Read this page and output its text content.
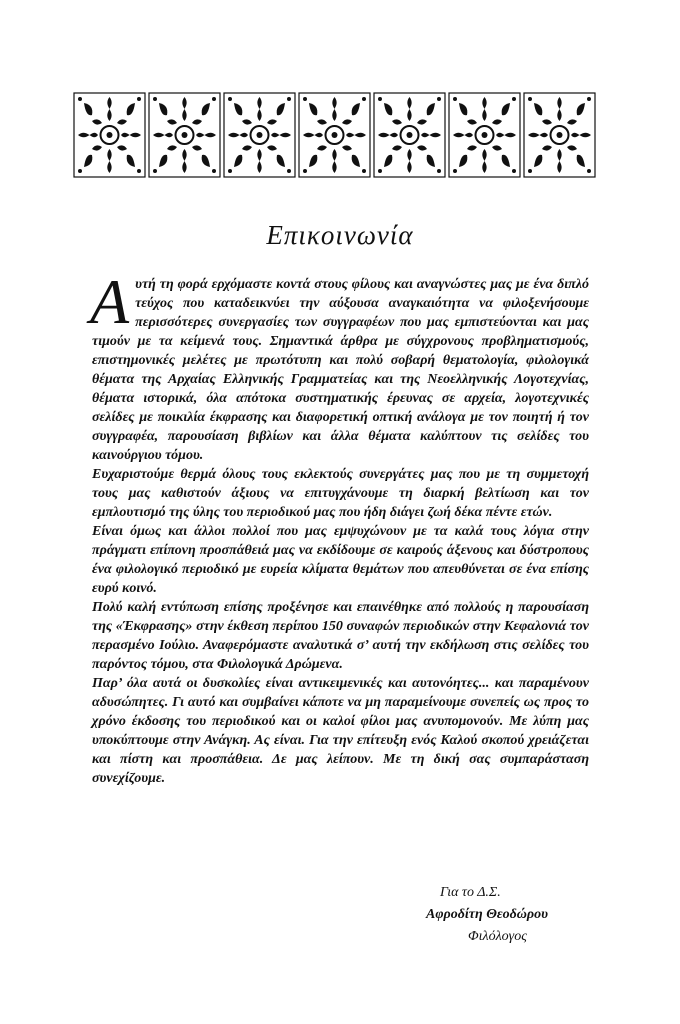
Επικοινωνία

Αυτή τη φορά ερχόμαστε κοντά στους φίλους και αναγνώστες μας με ένα διπλό τεύχος που καταδεικνύει την αύξουσα αναγκαιότητα να φιλοξενήσουμε περισσότερες συνεργασίες των συγγραφέων που μας εμπιστεύονται και μας τιμούν με τα κείμενά τους. Σημαντικά άρθρα με σύγχρονους προβληματισμούς, επιστημονικές μελέτες με πρωτότυπη και πολύ σοβαρή θεματολογία, φιλολογικά θέματα της Αρχαίας Ελληνικής Γραμματείας και της Νεοελληνικής Λογοτεχνίας, θέματα ιστορικά, όλα απότοκα συστηματικής έρευνας σε αρχεία, λογοτεχνικές σελίδες με ποικιλία έκφρασης και διαφορετική οπτική ανάλογα με τον ποιητή ή τον συγγραφέα, παρουσίαση βιβλίων και άλλα θέματα καλύπτουν τις σελίδες του καινούργιου τόμου.

Ευχαριστούμε θερμά όλους τους εκλεκτούς συνεργάτες μας που με τη συμμετοχή τους μας καθιστούν άξιους να επιτυγχάνουμε τη διαρκή βελτίωση και τον εμπλουτισμό της ύλης του περιοδικού μας που ήδη διάγει ζωή δέκα πέντε ετών.

Είναι όμως και άλλοι πολλοί που μας εμψυχώνουν με τα καλά τους λόγια στην πράγματι επίπονη προσπάθειά μας να εκδίδουμε σε καιρούς άξενους και δύστροπους ένα φιλολογικό περιοδικό με ευρεία κλίματα θεμάτων που απευθύνεται σε ένα επίσης ευρύ κοινό.

Πολύ καλή εντύπωση επίσης προξένησε και επαινέθηκε από πολλούς η παρουσίαση της «Έκφρασης» στην έκθεση περίπου 150 συναφών περιοδικών στην Κεφαλονιά τον περασμένο Ιούλιο. Αναφερόμαστε αναλυτικά σ’ αυτή την εκδήλωση στις σελίδες του παρόντος τόμου, στα Φιλολογικά Δρώμενα.

Παρ’ όλα αυτά οι δυσκολίες είναι αντικειμενικές και αυτονόητες... και παραμένουν αδυσώπητες. Γι αυτό και συμβαίνει κάποτε να μη παραμείνουμε συνεπείς ως προς το χρόνο έκδοσης του περιοδικού και οι καλοί φίλοι μας ανυπομονούν. Με λύπη μας υποκύπτουμε στην Ανάγκη. Ας είναι. Για την επίτευξη ενός Καλού σκοπού χρειάζεται και πίστη και προσπάθεια. Δε μας λείπουν. Με τη δική σας συμπαράσταση συνεχίζουμε.

Για το Δ.Σ.
Αφροδίτη Θεοδώρου
Φιλόλογος
